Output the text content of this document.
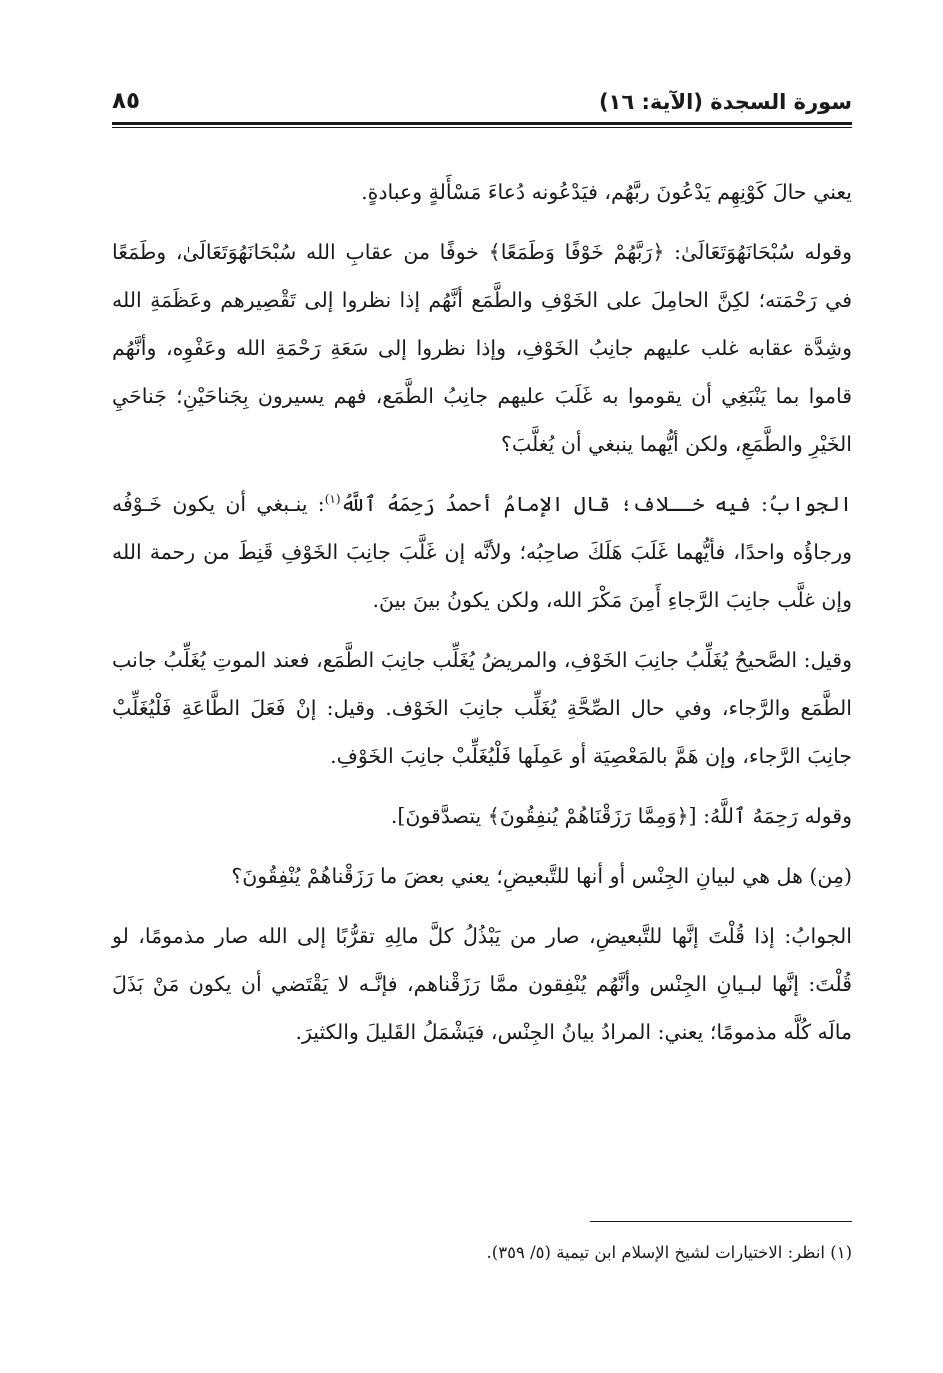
سورة السجدة (الآية: ١٦)
٨٥

يعني حالَ كَوْنِهِم يَدْعُونَ ربَّهُم، فيَدْعُونه دُعاءَ مَسْأَلةٍ وعبادةٍ.

وقوله سُبْحَانَهُوَتَعَالَىٰ: ﴿رَبَّهُمْ خَوْفًا وَطَمَعًا﴾ خوفًا من عقابِ الله سُبْحَانَهُوَتَعَالَىٰ، وطَمَعًا في رَحْمَته؛ لكِنَّ الحامِلَ على الخَوْفِ والطَّمَع أنَّهُم إذا نظروا إلى تَقْصِيرهم وعَظَمَةِ الله وشِدَّة عقابه غلب عليهم جانِبُ الخَوْفِ، وإذا نظروا إلى سَعَةِ رَحْمَةِ الله وعَفْوِه، وأنَّهُم قاموا بما يَنْبَغِي أن يقوموا به غَلَبَ عليهم جانِبُ الطَّمَع، فهم يسيرون بِجَناحَيْنِ؛ جَناحَيِ الخَيْرِ والطَّمَعِ، ولكن أيُّهما ينبغي أن يُغلَّبَ؟

الجوابُ: فيه خــلاف؛ قال الإمامُ أحمدُ رَحِمَهُ ٱللَّهُ$^{(١)}$: ينـبغي أن يكون خَـوْفُه ورجاؤُه واحدًا، فأيُّهما غَلَبَ هَلَكَ صاحِبُه؛ ولأنَّه إن غَلَّبَ جانِبَ الخَوْفِ قَنِطَ من رحمة الله وإن غلَّب جانِبَ الرَّجاءِ أَمِنَ مَكْرَ الله، ولكن يكونُ بينَ بينَ.

وقيل: الصَّحيحُ يُغَلِّبُ جانِبَ الخَوْفِ، والمريضُ يُغَلِّب جانِبَ الطَّمَع، فعند الموتِ يُغَلِّبُ جانب الطَّمَع والرَّجاء، وفي حال الصِّحَّةِ يُغَلِّب جانِبَ الخَوْف. وقيل: إنْ فَعَلَ الطَّاعَةِ فَلْيُغَلِّبْ جانِبَ الرَّجاء، وإن هَمَّ بالمَعْصِيَة أو عَمِلَها فَلْيُغَلِّبْ جانِبَ الخَوْفِ.

وقوله رَحِمَهُ ٱللَّهُ: [﴿وَمِمَّا رَزَقْنَاهُمْ يُنفِقُونَ﴾ يتصدَّقونَ].

(مِن) هل هي لبيانِ الجِنْس أو أنها للتَّبعيضِ؛ يعني بعضَ ما رَزَقْناهُمْ يُنْفِقُونَ؟

الجوابُ: إذا قُلْتَ إنَّها للتَّبعيضِ، صار من يَبْذُلُ كلَّ مالِهِ تقرُّبًا إلى الله صار مذمومًا، لو قُلْتَ: إنَّها لبـيانِ الجِنْس وأنَّهُم يُنْفِقون ممَّا رَزَقْناهم، فإنَّـه لا يَقْتَضي أن يكون مَنْ بَذَلَ مالَه كُلَّه مذمومًا؛ يعني: المرادُ بيانُ الجِنْس، فيَشْمَلُ القَليلَ والكثيرَ.

(١) انظر: الاختيارات لشيخ الإسلام ابن تيمية (٥/ ٣٥٩).
